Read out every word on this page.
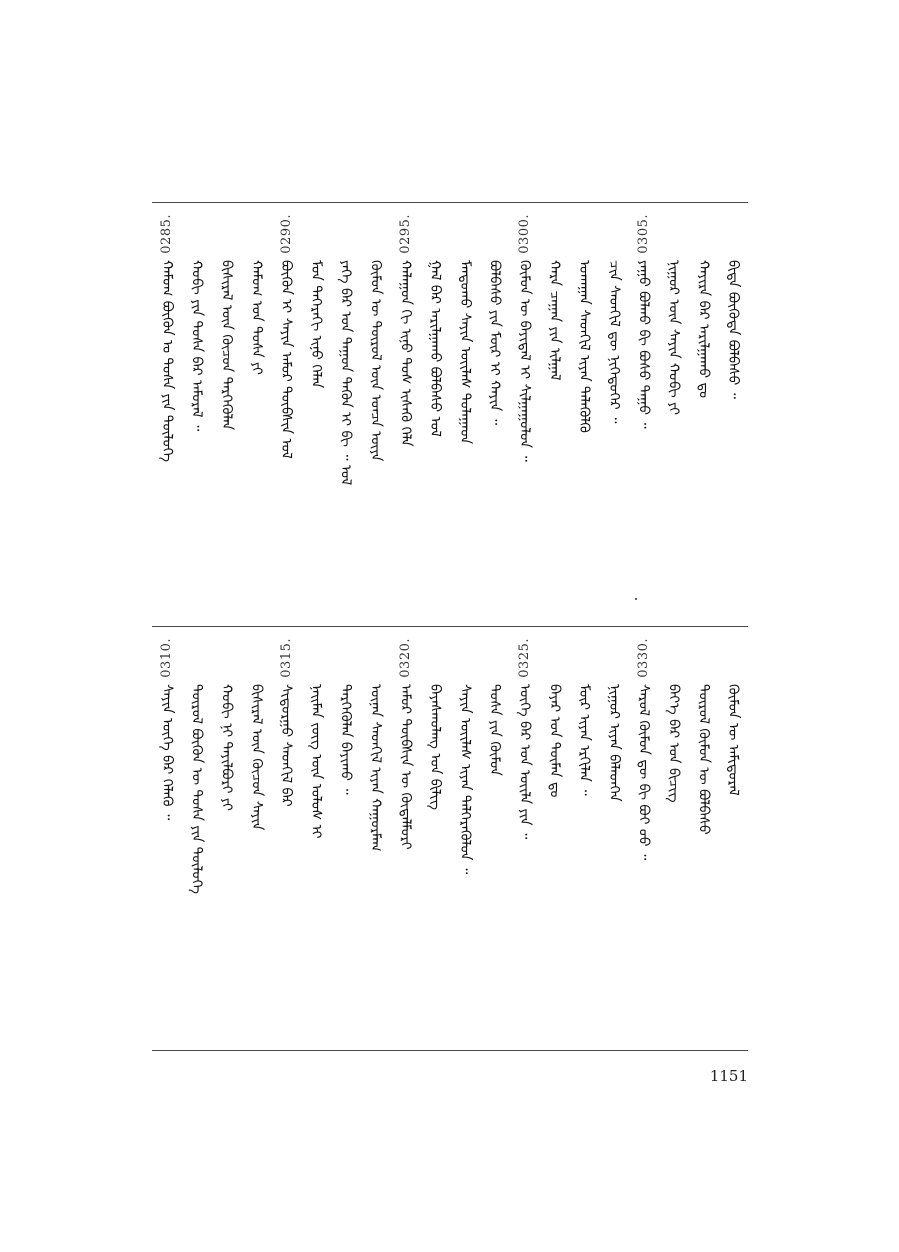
0285.
ᠬᠠᠮᠤᠭ ᠪᠦᠬᠦᠨ ᠤ ᠲᠤᠰᠠ ᠶᠢᠨ ᠲᠥᠯᠥᠭᠡ ᠬᠤᠪᠢ ᠶᠢᠨ ᠲᠤᠰᠠ ᠪᠠᠷ ᠠᠮᠤᠷᠠᠯ ᠃ ᠪᠢᠰᠢᠷᠡᠯ ᠦᠨ ᠬᠦᠴᠦᠨ ᠲᠡᠷᠭᠡᠭᠦᠯᠡᠨ ᠬᠠᠮᠤᠭ ᠤᠨ ᠲᠤᠰᠠ ᠶᠢ
0290.
ᠪᠦᠬᠦᠨ ᠢ ᠰᠠᠶᠢᠨ ᠠᠮᠤᠷ ᠲᠥᠪᠰᠢᠨ ᠣᠯ ᠮᠤᠨ ᠳᠡᠭᠡᠷᠡᠬᠢ ᠢᠨᠦ ᠬᠡᠯᠡᠨ ᠶᠡᠬᠡ ᠪᠠᠷ ᠤᠨ ᠳᠠᠭᠤᠨ ᠲᠡᠭᠦᠨ ᠢ ᠪᠢ ᠃ ᠤᠯ ᠬᠦᠮᠦᠨ ᠦ ᠲᠥᠷᠥᠯ ᠦᠨ ᠣᠨᠴᠠ ᠦᠶᠡ
0295.
ᠬᠠᠯᠠᠭᠤᠨ ᠬᠢ ᠢᠨᠦ ᠳᠤᠰ ᠢᠰᠡᠬᠦ ᠬᠡᠯᠡ ᠭᠠᠯ ᠪᠠᠷ ᠠᠷᠢᠯᠭᠠᠬᠤ ᠪᠣᠯᠪᠠᠰᠤ ᠣᠯ ᠮᠠᠨᠳᠤᠬᠤ ᠰᠠᠶᠢᠨ ᠦᠢᠯᠡᠰ ᠲᠤᠯᠠᠭᠠᠳ ᠪᠣᠯᠪᠠᠰᠤ ᠶᠢᠨ ᠮᠥᠷ ᠢ ᠬᠠᠶᠢᠨ ᠃
0300.
ᠬᠦᠮᠦᠨ ᠦ ᠪᠠᠶᠢᠳᠠᠯ ᠢ ᠰᠢᠯᠭᠠᠭᠤᠯᠤᠨ ᠃ ᠬᠠᠷᠠ ᠴᠠᠭᠠᠨ ᠶᠢᠨ ᠢᠯᠭᠠᠯ ᠤᠬᠠᠭᠠᠨ ᠰᠡᠳᠬᠢᠯ ᠢᠶᠡᠨ ᠲᠡᠯᠡᠭᠦᠯᠬᠦ ᠴᠢᠨ ᠰᠡᠳᠬᠢᠯ ᠳᠦ ᠨᠢᠭᠡᠳᠦᠭᠡᠷ ᠃
0305.
ᠶᠠᠭᠤ ᠪᠣᠯᠬᠤ ᠪᠢ ᠪᠤᠰᠤ ᠳᠠᠭᠤ ᠃ ᠨᠢᠭᠤᠷ ᠦᠨ ᠰᠠᠶᠢᠨ ᠬᠤᠪᠢ ᠶᠢ ᠬᠠᠶᠢᠷᠠ ᠪᠠᠷ ᠠᠷᠢᠯᠭᠠᠬᠤ ᠳᠤ ᠪᠢᠳᠡ ᠪᠦᠬᠦᠳᠡ ᠪᠣᠯᠪᠠᠰᠤ ᠃
0310.
ᠰᠠᠶᠢᠨ ᠦᠭᠡ ᠪᠠᠷ ᠬᠡᠯᠡᠬᠦ ᠃ ᠲᠥᠷᠥᠯ ᠪᠦᠬᠦᠨ ᠦ ᠲᠤᠰᠠ ᠶᠢᠨ ᠲᠥᠯᠥᠭᠡ ᠬᠤᠪᠢ ᠨᠢ ᠲᠠᠶᠢᠯᠪᠤᠷᠢ ᠶᠢ ᠪᠢᠰᠢᠷᠡᠯ ᠦᠨ ᠬᠦᠴᠦᠨ ᠰᠠᠶᠢᠨ
0315.
ᠰᠢᠳᠤᠷᠭᠤ ᠰᠡᠳᠬᠢᠯ ᠪᠠᠷ ᠨᠠᠢᠮᠠᠨ ᠵᠦᠭ ᠦᠨ ᠤᠯᠤᠰ ᠢ ᠲᠡᠷᠭᠡᠭᠦᠯᠡᠨ ᠪᠠᠶᠢᠬᠤ ᠃ ᠦᠨᠡᠨ ᠰᠡᠳᠬᠢᠯ ᠢᠶᠡᠨ ᠬᠠᠭᠤᠷᠮᠠᠭ
0320.
ᠠᠮᠤᠷ ᠲᠦᠪᠰᠢᠨ ᠦ ᠬᠦᠳᠡᠯᠮᠦᠷᠢ ᠪᠠᠶᠠᠰᠬᠤᠯᠠᠩ ᠤᠨ ᠪᠢᠯᠢᠭ ᠰᠠᠶᠢᠨ ᠦᠢᠯᠡᠰ ᠢᠶᠡᠨ ᠳᠡᠯᠭᠡᠷᠡᠭᠦᠯᠦᠨ ᠃ ᠲᠤᠰᠠ ᠶᠢᠨ ᠬᠦᠮᠦᠨ
0325.
ᠦᠭᠡ ᠪᠠᠷ ᠤᠨ ᠦᠢᠯᠡ ᠶᠢᠨ ᠃ ᠪᠠᠶᠠᠷ ᠤᠨ ᠲᠦᠮᠡᠨ ᠳᠤ ᠮᠥᠷ ᠢᠶᠡᠨ ᠡᠷᠬᠢᠯᠡᠨ ᠃ ᠨᠢᠭᠤᠷ ᠢᠶᠡᠨ ᠪᠡᠯᠡᠳᠬᠡᠨ
0330.
ᠰᠠᠷᠤᠯ ᠬᠦᠮᠦᠨ ᠳᠦ ᠪᠢ ᠪᠤᠢ ᠤᠤ ᠃ ᠪᠡᠶ᠎ᠡ ᠪᠠᠷ ᠤᠨ ᠪᠢᠴᠢᠭ ᠲᠥᠷᠥᠯ ᠬᠦᠮᠦᠨ ᠦ ᠪᠣᠯᠪᠠᠰᠤ ᠬᠦᠮᠦᠨ ᠦ ᠠᠮᠢᠳᠤᠷᠠᠯ
1151
